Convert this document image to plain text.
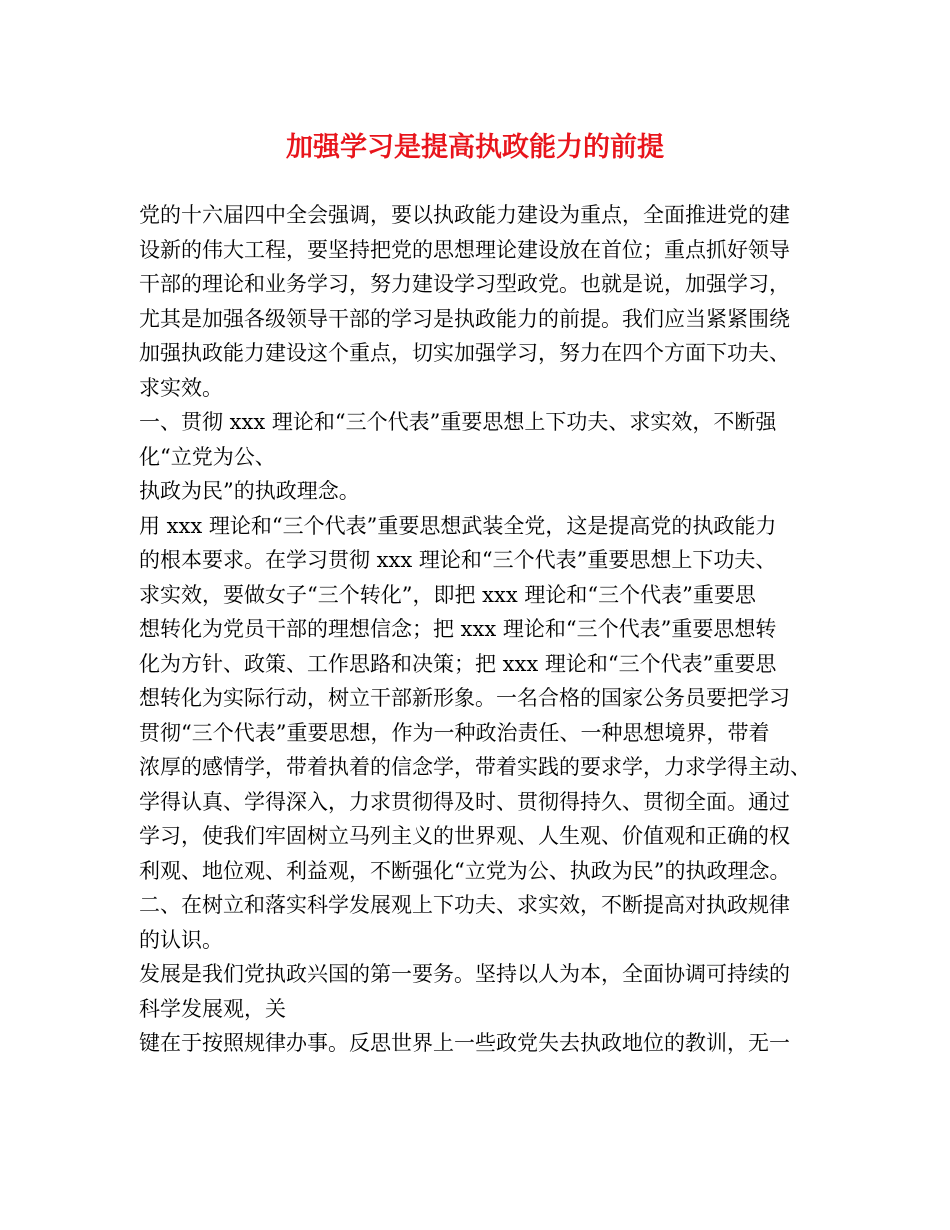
加强学习是提高执政能力的前提
党的十六届四中全会强调，要以执政能力建设为重点，全面推进党的建
设新的伟大工程，要坚持把党的思想理论建设放在首位；重点抓好领导
干部的理论和业务学习，努力建设学习型政党。也就是说，加强学习，
尤其是加强各级领导干部的学习是执政能力的前提。我们应当紧紧围绕
加强执政能力建设这个重点，切实加强学习，努力在四个方面下功夫、
求实效。
一、贯彻 xxx 理论和“三个代表”重要思想上下功夫、求实效，不断强
化“立党为公、
执政为民”的执政理念。
用 xxx 理论和“三个代表”重要思想武装全党，这是提高党的执政能力
的根本要求。在学习贯彻 xxx 理论和“三个代表”重要思想上下功夫、
求实效，要做女子“三个转化”，即把 xxx 理论和“三个代表”重要思
想转化为党员干部的理想信念；把 xxx 理论和“三个代表”重要思想转
化为方针、政策、工作思路和决策；把 xxx 理论和“三个代表”重要思
想转化为实际行动，树立干部新形象。一名合格的国家公务员要把学习
贯彻“三个代表”重要思想，作为一种政治责任、一种思想境界，带着
浓厚的感情学，带着执着的信念学，带着实践的要求学，力求学得主动、
学得认真、学得深入，力求贯彻得及时、贯彻得持久、贯彻全面。通过
学习，使我们牢固树立马列主义的世界观、人生观、价值观和正确的权
利观、地位观、利益观，不断强化“立党为公、执政为民”的执政理念。
二、在树立和落实科学发展观上下功夫、求实效，不断提高对执政规律
的认识。
发展是我们党执政兴国的第一要务。坚持以人为本，全面协调可持续的
科学发展观，关
键在于按照规律办事。反思世界上一些政党失去执政地位的教训，无一
